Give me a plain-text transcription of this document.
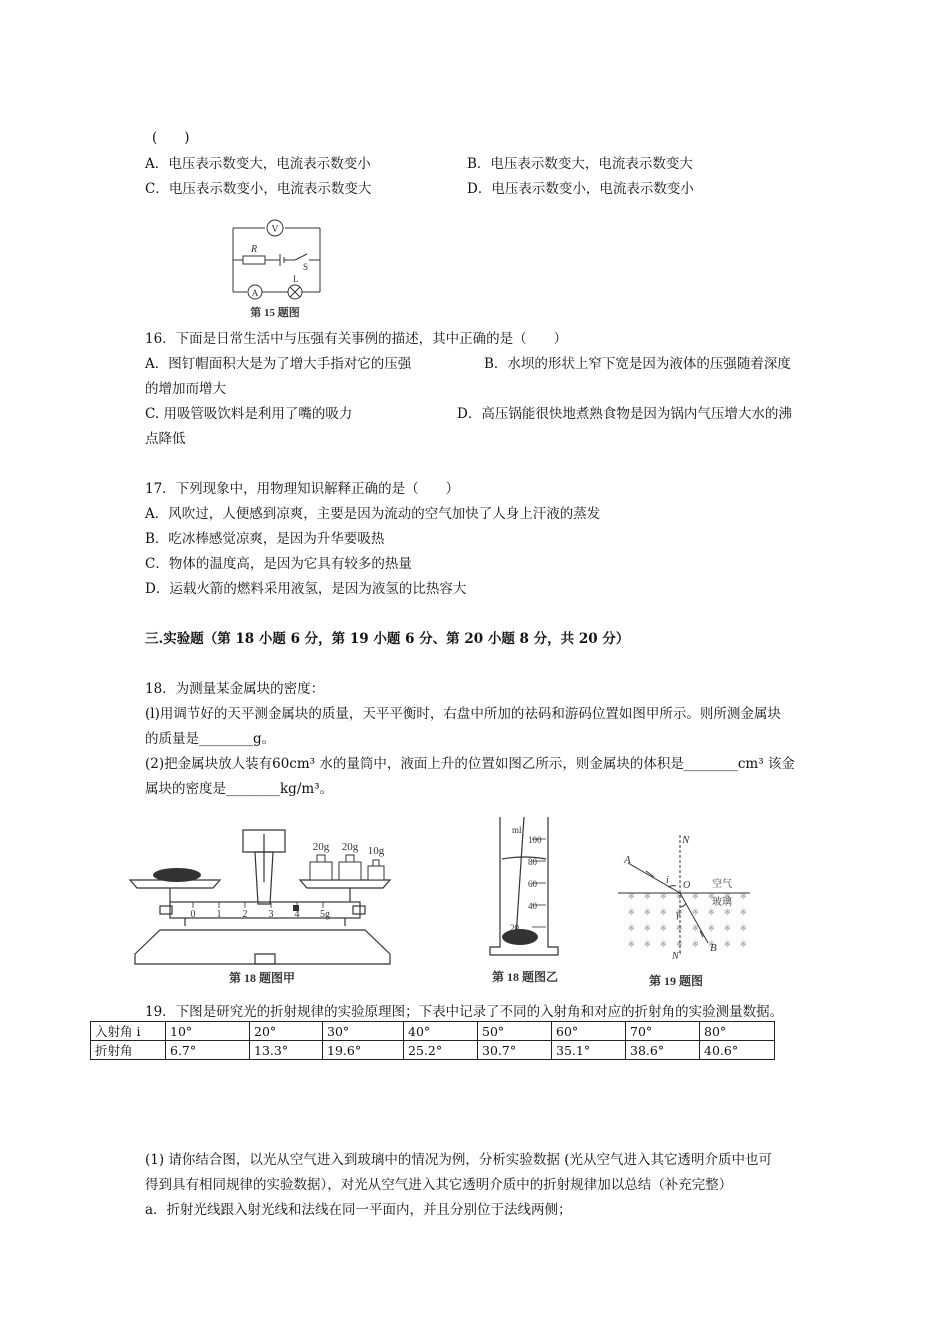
(　　)
A．电压表示数变大，电流表示数变小	B．电压表示数变大，电流表示数变大
C．电压表示数变小，电流表示数变大	D．电压表示数变小，电流表示数变小
V
R
S
A
L
第 15 题图
16．下面是日常生活中与压强有关事例的描述，其中正确的是（　　）
A．图钉帽面积大是为了增大手指对它的压强	B．水坝的形状上窄下宽是因为液体的压强随着深度
的增加而增大
C. 用吸管吸饮料是利用了嘴的吸力	D．高压锅能很快地煮熟食物是因为锅内气压增大水的沸
点降低
17．下列现象中，用物理知识解释正确的是（　　）
A．风吹过，人便感到凉爽，主要是因为流动的空气加快了人身上汗液的蒸发
B．吃冰棒感觉凉爽，是因为升华要吸热
C．物体的温度高，是因为它具有较多的热量
D．运载火箭的燃料采用液氢，是因为液氢的比热容大
三.实验题（第 18 小题 6 分，第 19 小题 6 分、第 20 小题 8 分，共 20 分）
18．为测量某金属块的密度：
(l)用调节好的天平测金属块的质量，天平平衡时，右盘中所加的祛码和游码位置如图甲所示。则所测金属块
的质量是________g。
(2)把金属块放人装有60cm³ 水的量筒中，液面上升的位置如图乙所示，则金属块的体积是________cm³ 该金
属块的密度是________kg/m³。
20g 20g 10g
0 1 2 3 4 5g
第 18 题图甲
ml
100
80
60
40
20
第 18 题图乙
N
A
i O 空气
玻璃
γ
B
N'
第 19 题图
19．下图是研究光的折射规律的实验原理图；下表中记录了不同的入射角和对应的折射角的实验测量数据。
入射角 i	10°	20°	30°	40°	50°	60°	70°	80°
折射角	6.7°	13.3°	19.6°	25.2°	30.7°	35.1°	38.6°	40.6°
(1) 请你结合图，以光从空气进入到玻璃中的情况为例，分析实验数据 (光从空气进入其它透明介质中也可
得到具有相同规律的实验数据），对光从空气进入其它透明介质中的折射规律加以总结（补充完整）
a．折射光线跟入射光线和法线在同一平面内，并且分别位于法线两侧；
